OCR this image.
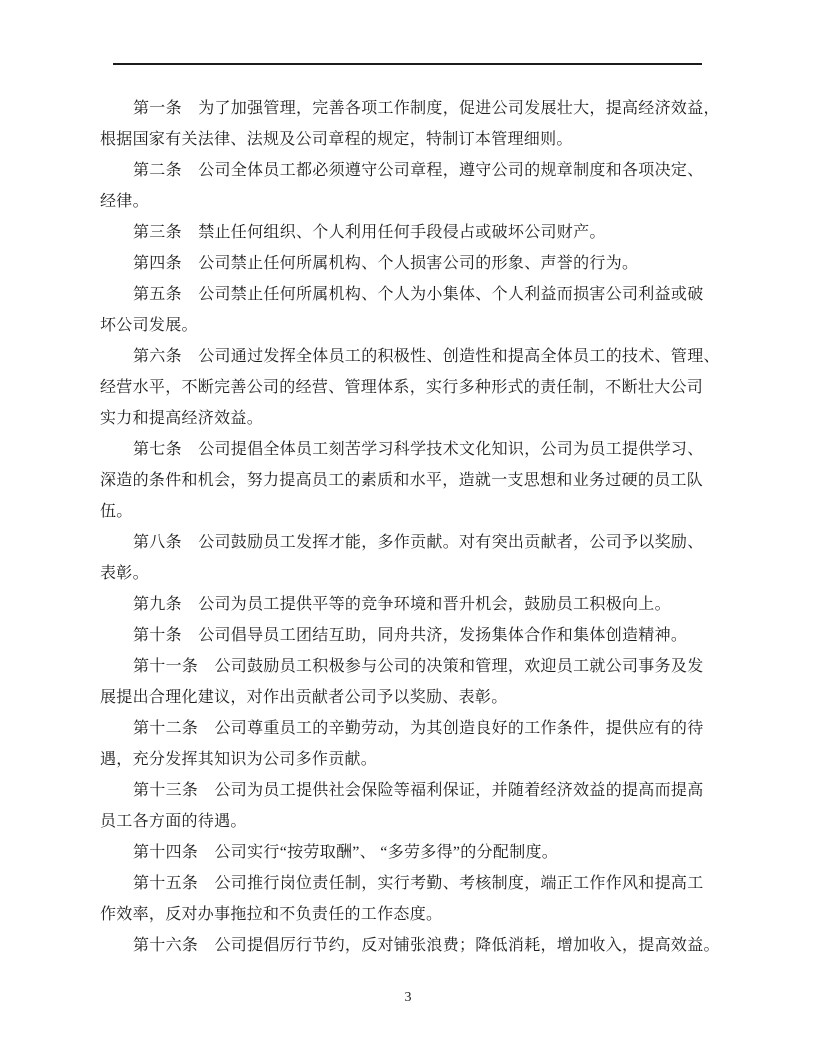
第一条　为了加强管理，完善各项工作制度，促进公司发展壮大，提高经济效益，
根据国家有关法律、法规及公司章程的规定，特制订本管理细则。
第二条　公司全体员工都必须遵守公司章程，遵守公司的规章制度和各项决定、
经律。
第三条　禁止任何组织、个人利用任何手段侵占或破坏公司财产。
第四条　公司禁止任何所属机构、个人损害公司的形象、声誉的行为。
第五条　公司禁止任何所属机构、个人为小集体、个人利益而损害公司利益或破
坏公司发展。
第六条　公司通过发挥全体员工的积极性、创造性和提高全体员工的技术、管理、
经营水平，不断完善公司的经营、管理体系，实行多种形式的责任制，不断壮大公司
实力和提高经济效益。
第七条　公司提倡全体员工刻苦学习科学技术文化知识，公司为员工提供学习、
深造的条件和机会，努力提高员工的素质和水平，造就一支思想和业务过硬的员工队
伍。
第八条　公司鼓励员工发挥才能，多作贡献。对有突出贡献者，公司予以奖励、
表彰。
第九条　公司为员工提供平等的竞争环境和晋升机会，鼓励员工积极向上。
第十条　公司倡导员工团结互助，同舟共济，发扬集体合作和集体创造精神。
第十一条　公司鼓励员工积极参与公司的决策和管理，欢迎员工就公司事务及发
展提出合理化建议，对作出贡献者公司予以奖励、表彰。
第十二条　公司尊重员工的辛勤劳动，为其创造良好的工作条件，提供应有的待
遇，充分发挥其知识为公司多作贡献。
第十三条　公司为员工提供社会保险等福利保证，并随着经济效益的提高而提高
员工各方面的待遇。
第十四条　公司实行“按劳取酬”、 “多劳多得”的分配制度。
第十五条　公司推行岗位责任制，实行考勤、考核制度，端正工作作风和提高工
作效率，反对办事拖拉和不负责任的工作态度。
第十六条　公司提倡厉行节约，反对铺张浪费；降低消耗，增加收入，提高效益。
3
